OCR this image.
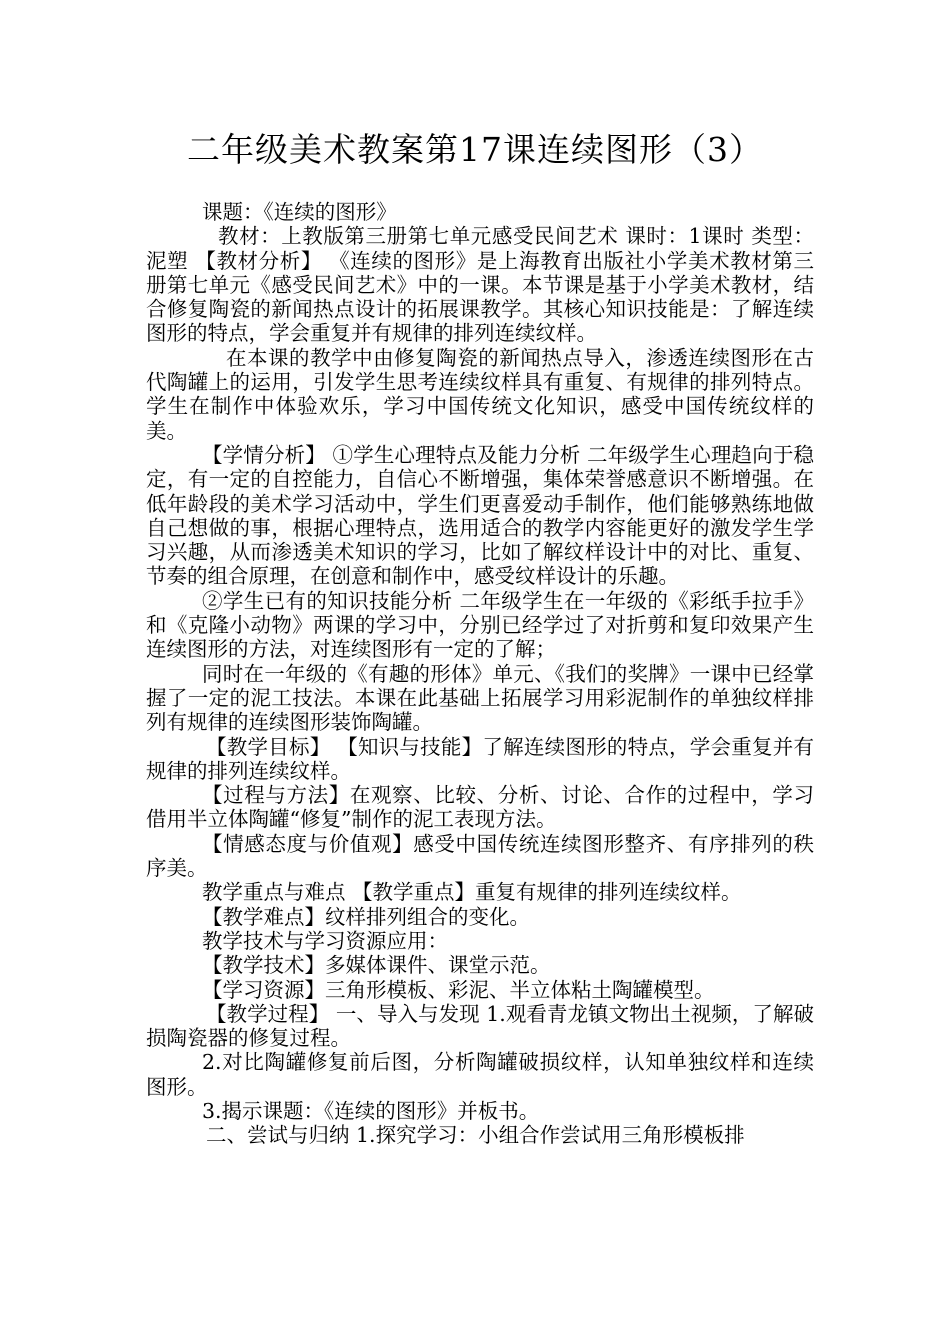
二年级美术教案第17课连续图形（3）

课题：《连续的图形》

教材：上教版第三册第七单元感受民间艺术 课时：1课时 类型：泥塑 【教材分析】 《连续的图形》是上海教育出版社小学美术教材第三册第七单元《感受民间艺术》中的一课。本节课是基于小学美术教材，结合修复陶瓷的新闻热点设计的拓展课教学。其核心知识技能是：了解连续图形的特点，学会重复并有规律的排列连续纹样。

在本课的教学中由修复陶瓷的新闻热点导入，渗透连续图形在古代陶罐上的运用，引发学生思考连续纹样具有重复、有规律的排列特点。学生在制作中体验欢乐，学习中国传统文化知识，感受中国传统纹样的美。

【学情分析】 ①学生心理特点及能力分析 二年级学生心理趋向于稳定，有一定的自控能力，自信心不断增强，集体荣誉感意识不断增强。在低年龄段的美术学习活动中，学生们更喜爱动手制作，他们能够熟练地做自己想做的事，根据心理特点，选用适合的教学内容能更好的激发学生学习兴趣，从而渗透美术知识的学习，比如了解纹样设计中的对比、重复、节奏的组合原理，在创意和制作中，感受纹样设计的乐趣。

②学生已有的知识技能分析 二年级学生在一年级的《彩纸手拉手》和《克隆小动物》两课的学习中，分别已经学过了对折剪和复印效果产生连续图形的方法，对连续图形有一定的了解；

同时在一年级的《有趣的形体》单元、《我们的奖牌》一课中已经掌握了一定的泥工技法。本课在此基础上拓展学习用彩泥制作的单独纹样排列有规律的连续图形装饰陶罐。

【教学目标】 【知识与技能】了解连续图形的特点，学会重复并有规律的排列连续纹样。

【过程与方法】在观察、比较、分析、讨论、合作的过程中，学习借用半立体陶罐“修复”制作的泥工表现方法。

【情感态度与价值观】感受中国传统连续图形整齐、有序排列的秩序美。

教学重点与难点 【教学重点】重复有规律的排列连续纹样。

【教学难点】纹样排列组合的变化。

教学技术与学习资源应用：

【教学技术】多媒体课件、课堂示范。

【学习资源】三角形模板、彩泥、半立体粘土陶罐模型。

【教学过程】 一、导入与发现 1.观看青龙镇文物出土视频，了解破损陶瓷器的修复过程。

2.对比陶罐修复前后图，分析陶罐破损纹样，认知单独纹样和连续图形。

3.揭示课题：《连续的图形》并板书。

二、尝试与归纳 1.探究学习：小组合作尝试用三角形模板排
